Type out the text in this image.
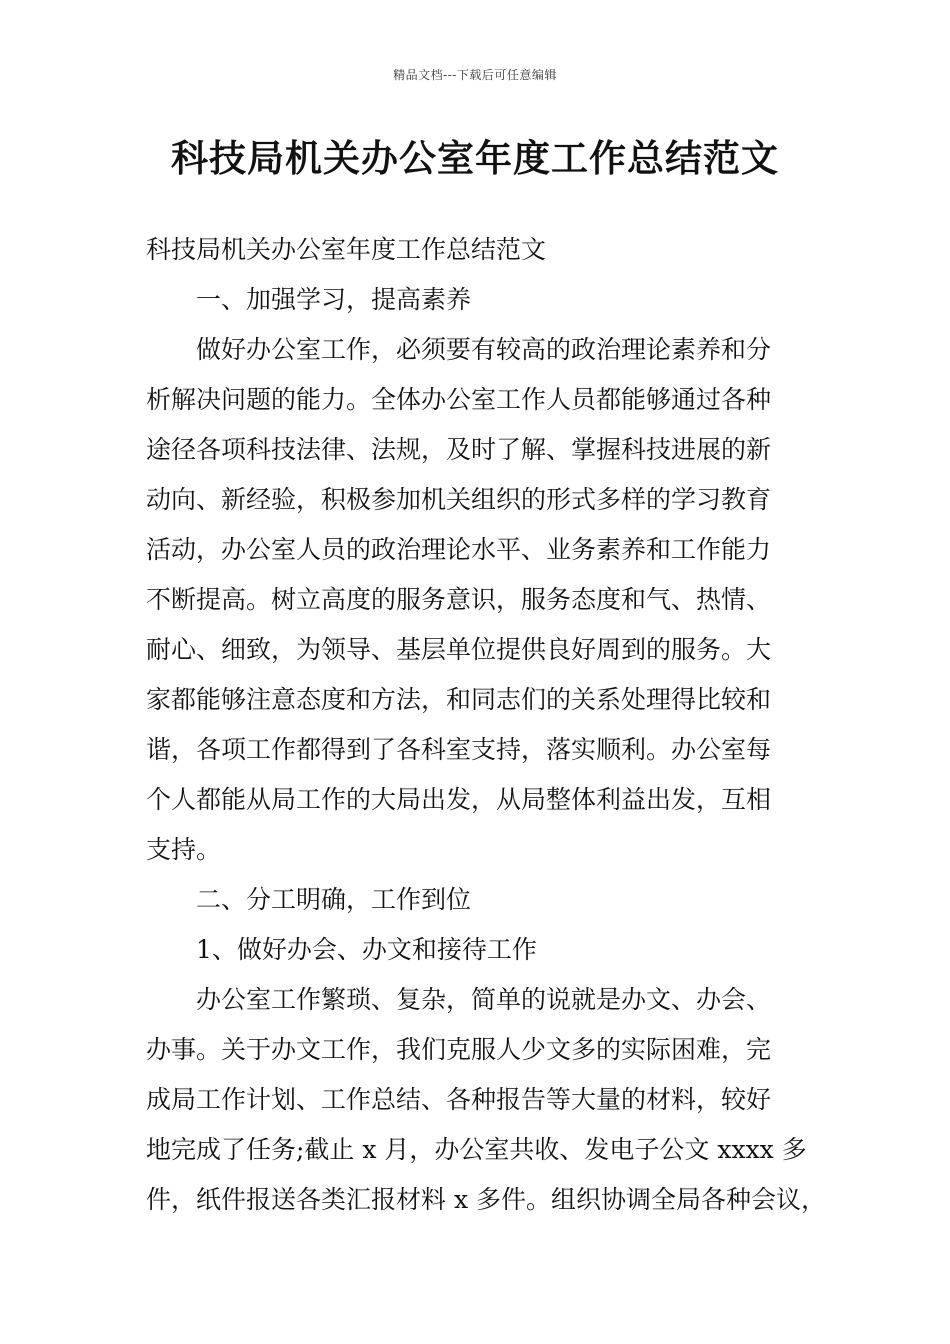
精品文档---下载后可任意编辑
科技局机关办公室年度工作总结范文

科技局机关办公室年度工作总结范文

一、加强学习，提高素养

做好办公室工作，必须要有较高的政治理论素养和分

析解决问题的能力。全体办公室工作人员都能够通过各种

途径各项科技法律、法规，及时了解、掌握科技进展的新

动向、新经验，积极参加机关组织的形式多样的学习教育

活动，办公室人员的政治理论水平、业务素养和工作能力

不断提高。树立高度的服务意识，服务态度和气、热情、

耐心、细致，为领导、基层单位提供良好周到的服务。大

家都能够注意态度和方法，和同志们的关系处理得比较和

谐，各项工作都得到了各科室支持，落实顺利。办公室每

个人都能从局工作的大局出发，从局整体利益出发，互相

支持。

二、分工明确，工作到位

1、做好办会、办文和接待工作

办公室工作繁琐、复杂，简单的说就是办文、办会、

办事。关于办文工作，我们克服人少文多的实际困难，完

成局工作计划、工作总结、各种报告等大量的材料，较好

地完成了任务;截止 x 月，办公室共收、发电子公文 xxxx 多

件，纸件报送各类汇报材料 x 多件。组织协调全局各种会议，
